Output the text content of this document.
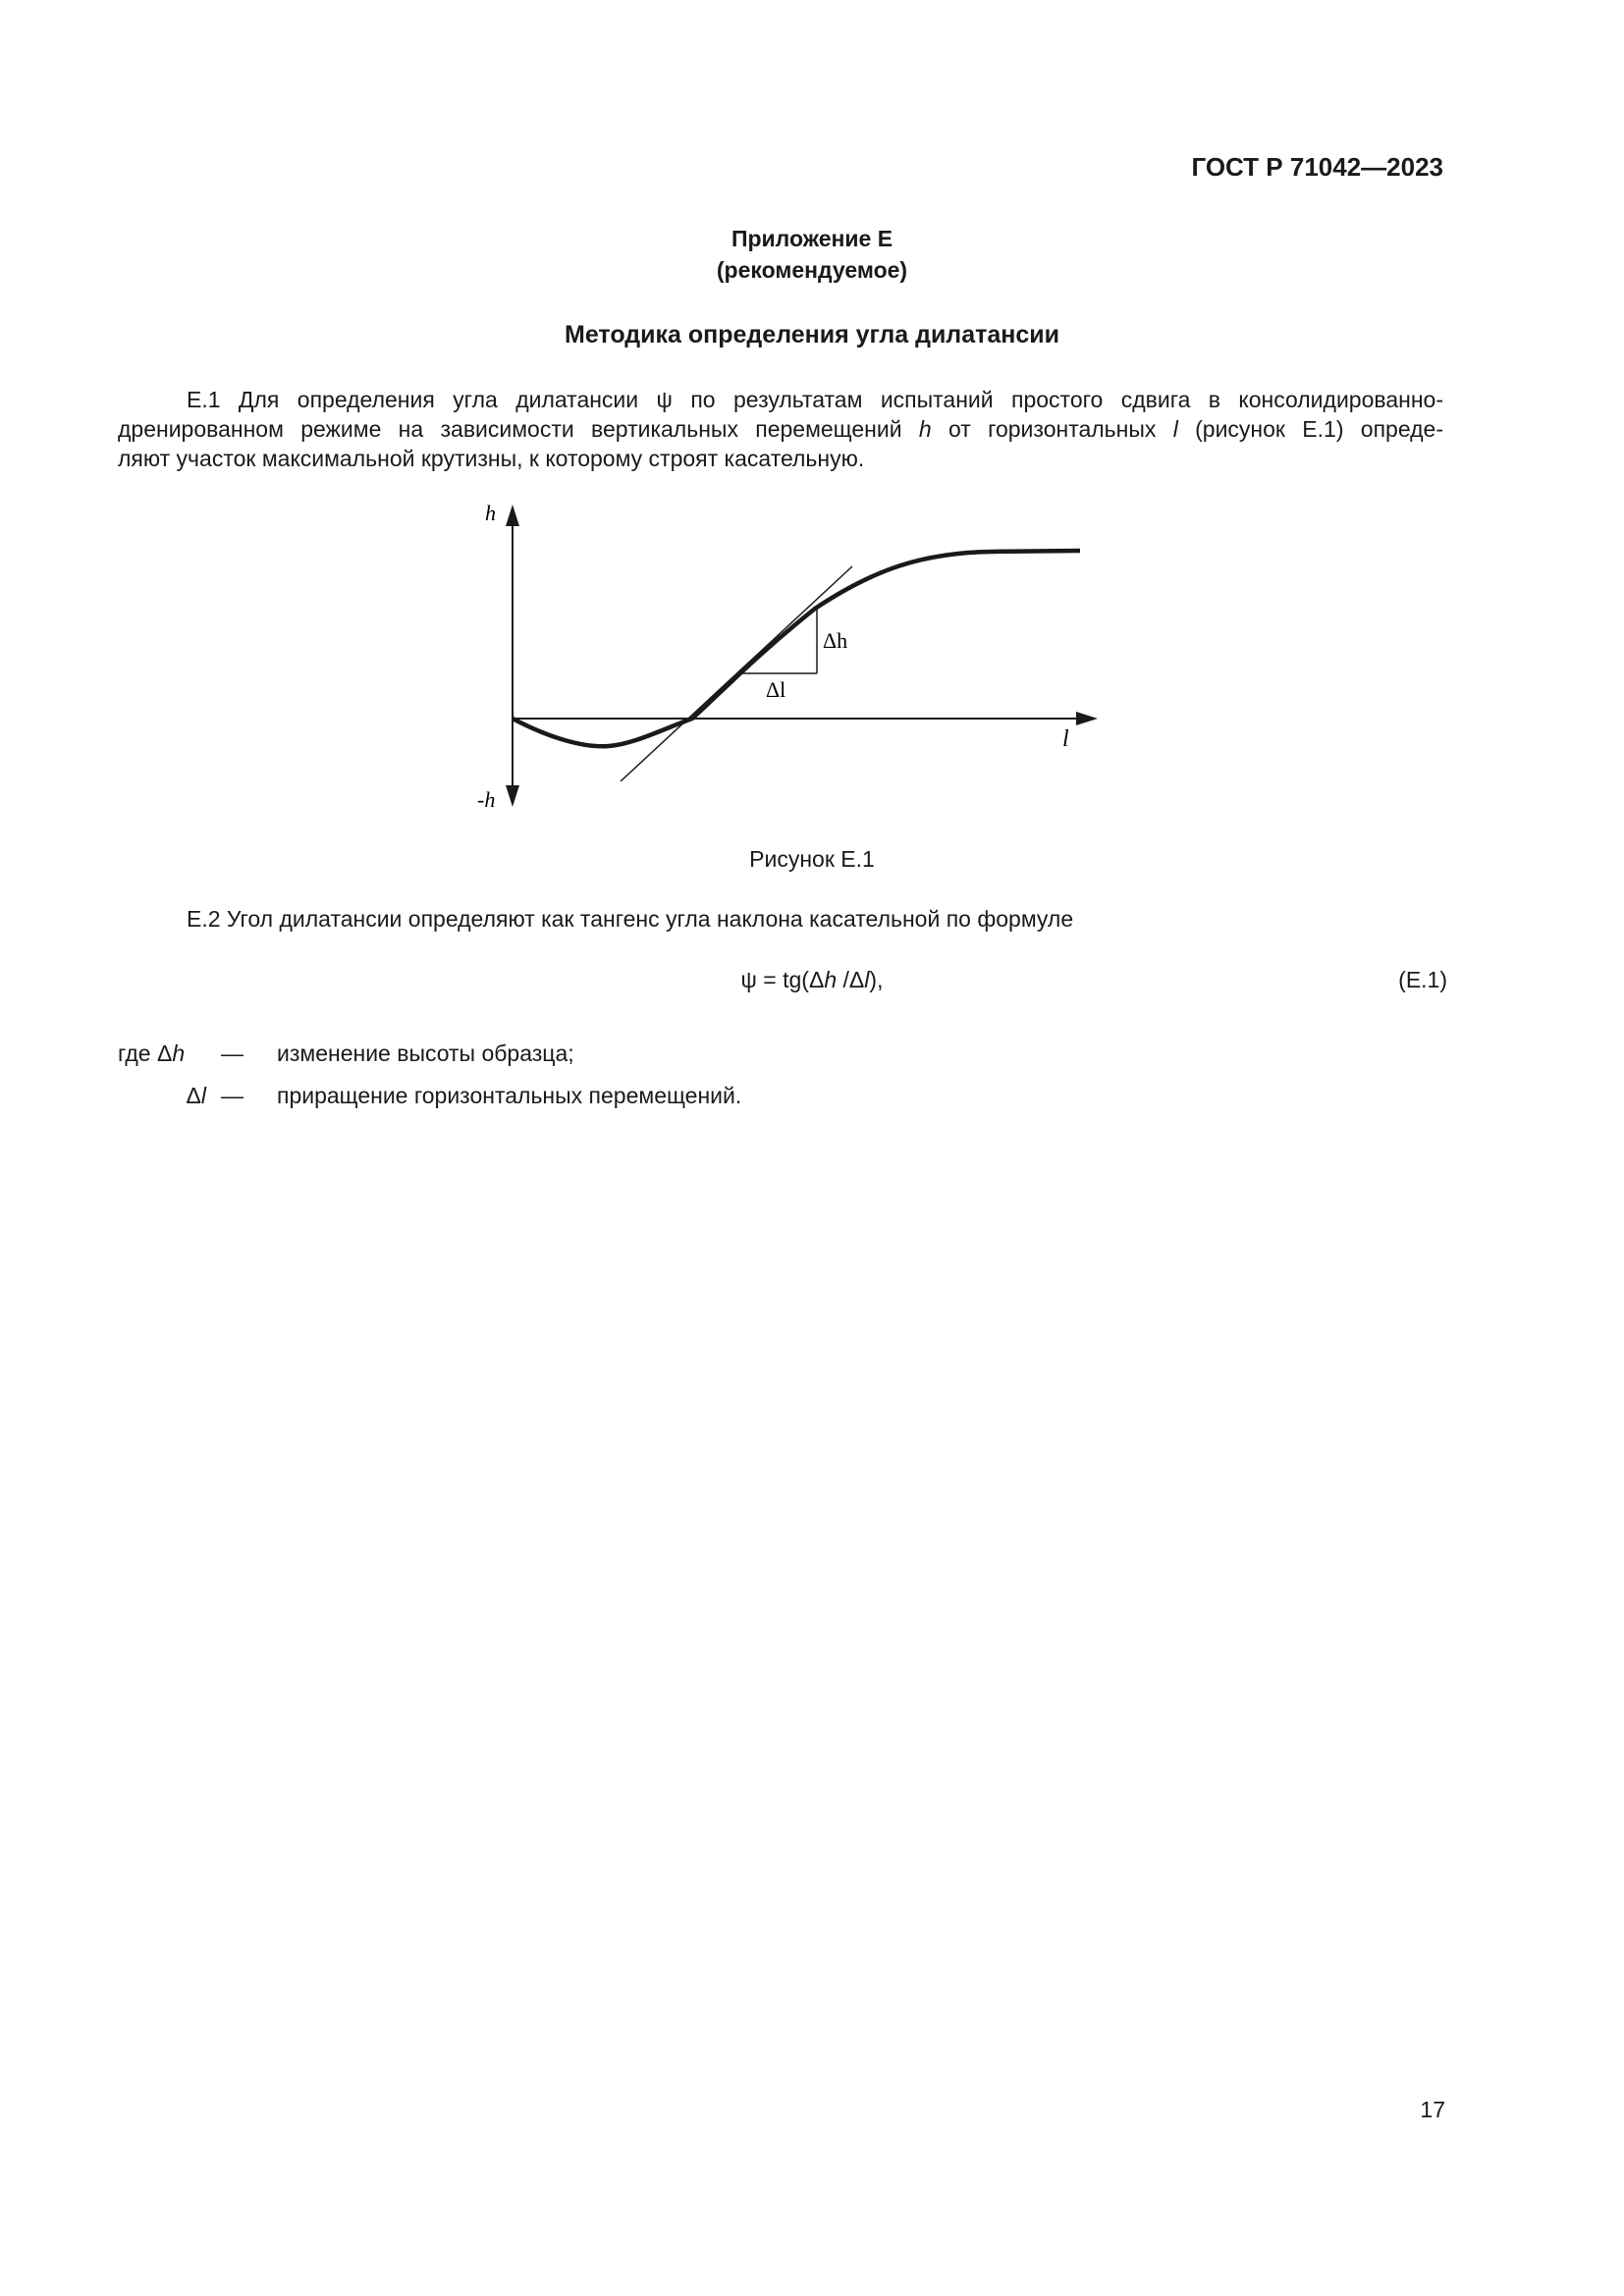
ГОСТ Р 71042—2023
Приложение Е
(рекомендуемое)
Методика определения угла дилатансии
Е.1 Для определения угла дилатансии ψ по результатам испытаний простого сдвига в консолидированно-
дренированном режиме на зависимости вертикальных перемещений h от горизонтальных l (рисунок Е.1) опреде-
ляют участок максимальной крутизны, к которому строят касательную.
h
-h
l
Δh
Δl
Рисунок Е.1
Е.2 Угол дилатансии определяют как тангенс угла наклона касательной по формуле
ψ = tg(Δh /Δl),	(Е.1)
где Δh	— изменение высоты образца;
Δl — приращение горизонтальных перемещений.
17
